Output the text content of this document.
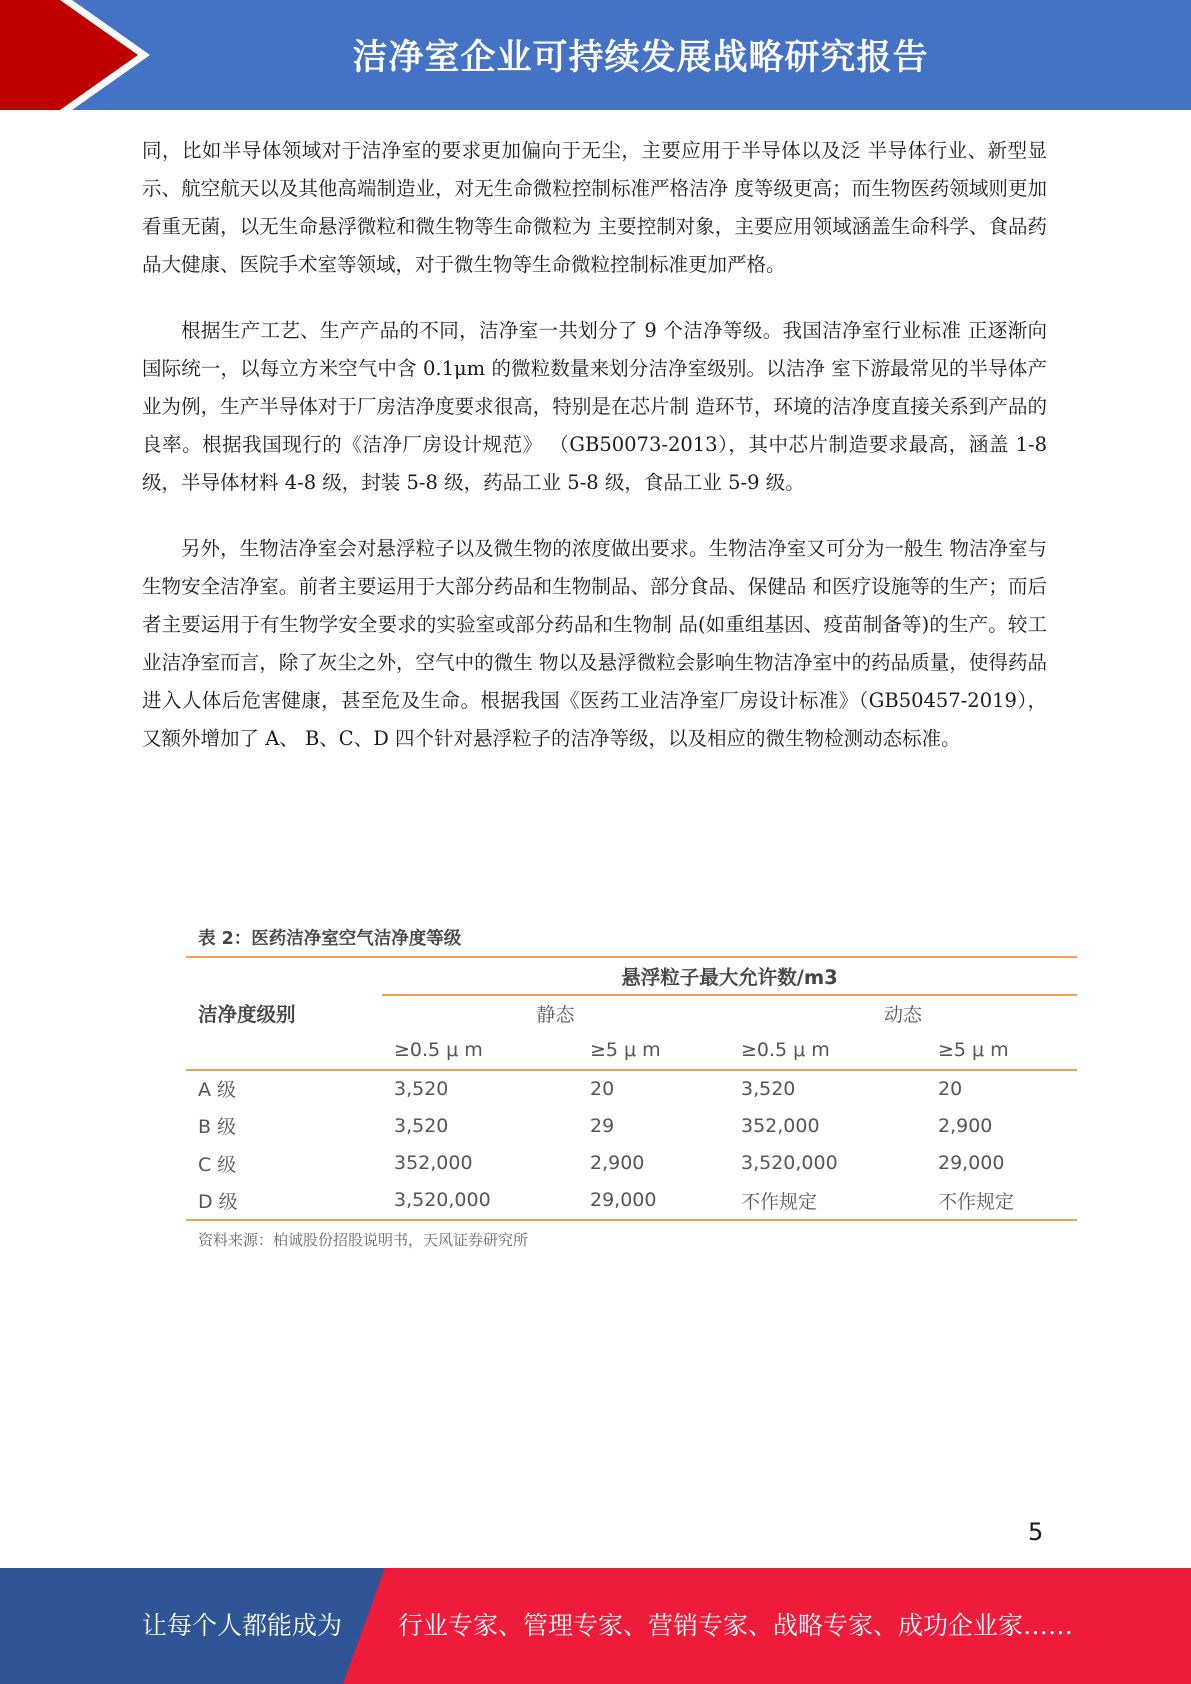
洁净室企业可持续发展战略研究报告

同，比如半导体领域对于洁净室的要求更加偏向于无尘，主要应用于半导体以及泛 半导体行业、新型显示、航空航天以及其他高端制造业，对无生命微粒控制标准严格洁净 度等级更高；而生物医药领域则更加看重无菌，以无生命悬浮微粒和微生物等生命微粒为 主要控制对象，主要应用领域涵盖生命科学、食品药品大健康、医院手术室等领域，对于微生物等生命微粒控制标准更加严格。

根据生产工艺、生产产品的不同，洁净室一共划分了 9 个洁净等级。我国洁净室行业标准 正逐渐向国际统一，以每立方米空气中含 0.1μm 的微粒数量来划分洁净室级别。以洁净 室下游最常见的半导体产业为例，生产半导体对于厂房洁净度要求很高，特别是在芯片制 造环节，环境的洁净度直接关系到产品的良率。根据我国现行的《洁净厂房设计规范》 （GB50073-2013），其中芯片制造要求最高，涵盖 1-8 级，半导体材料 4-8 级，封装 5-8 级，药品工业 5-8 级，食品工业 5-9 级。

另外，生物洁净室会对悬浮粒子以及微生物的浓度做出要求。生物洁净室又可分为一般生 物洁净室与生物安全洁净室。前者主要运用于大部分药品和生物制品、部分食品、保健品 和医疗设施等的生产；而后者主要运用于有生物学安全要求的实验室或部分药品和生物制 品(如重组基因、疫苗制备等)的生产。较工业洁净室而言，除了灰尘之外，空气中的微生 物以及悬浮微粒会影响生物洁净室中的药品质量，使得药品进入人体后危害健康，甚至危及生命。根据我国《医药工业洁净室厂房设计标准》（GB50457-2019），又额外增加了 A、 B、C、D 四个针对悬浮粒子的洁净等级，以及相应的微生物检测动态标准。

表 2：医药洁净室空气洁净度等级
洁净度级别	悬浮粒子最大允许数/m3			
	静态		动态	
	≥0.5 μ m	≥5 μ m	≥0.5 μ m	≥5 μ m
A 级	3,520	20	3,520	20
B 级	3,520	29	352,000	2,900
C 级	352,000	2,900	3,520,000	29,000
D 级	3,520,000	29,000	不作规定	不作规定
资料来源：柏诚股份招股说明书，天风证券研究所
5
让每个人都能成为 行业专家、管理专家、营销专家、战略专家、成功企业家……
